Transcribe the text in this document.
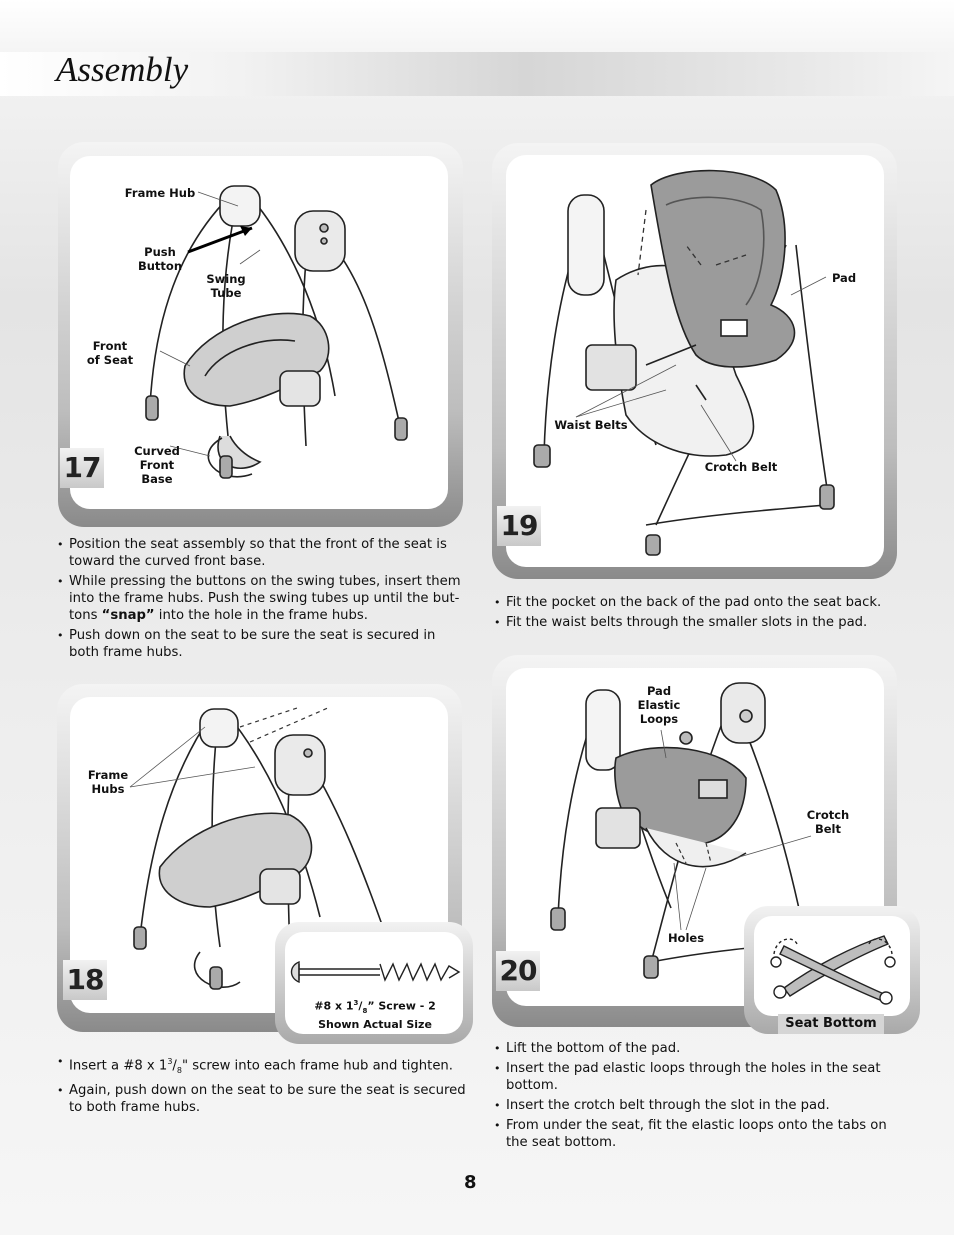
Assembly
Frame Hub
Push
Button
Swing
Tube
Front
of Seat
Curved
Front
Base
17
• Position the seat assembly so that the front of the seat is toward the curved front base.
• While pressing the buttons on the swing tubes, insert them into the frame hubs. Push the swing tubes up until the but-tons “snap” into the hole in the frame hubs.
• Push down on the seat to be sure the seat is secured in both frame hubs.
Pad
Waist Belts
Crotch Belt
19
• Fit the pocket on the back of the pad onto the seat back.
• Fit the waist belts through the smaller slots in the pad.
Frame
Hubs
18
#8 x $1^3/_8$” Screw - 2
Shown Actual Size
• Insert a #8 x $1^3/_8$" screw into each frame hub and tighten.
• Again, push down on the seat to be sure the seat is secured to both frame hubs.
Pad
Elastic
Loops
Crotch
Belt
Holes
20
Seat Bottom
• Lift the bottom of the pad.
• Insert the pad elastic loops through the holes in the seat bottom.
• Insert the crotch belt through the slot in the pad.
• From under the seat, fit the elastic loops onto the tabs on the seat bottom.
8
